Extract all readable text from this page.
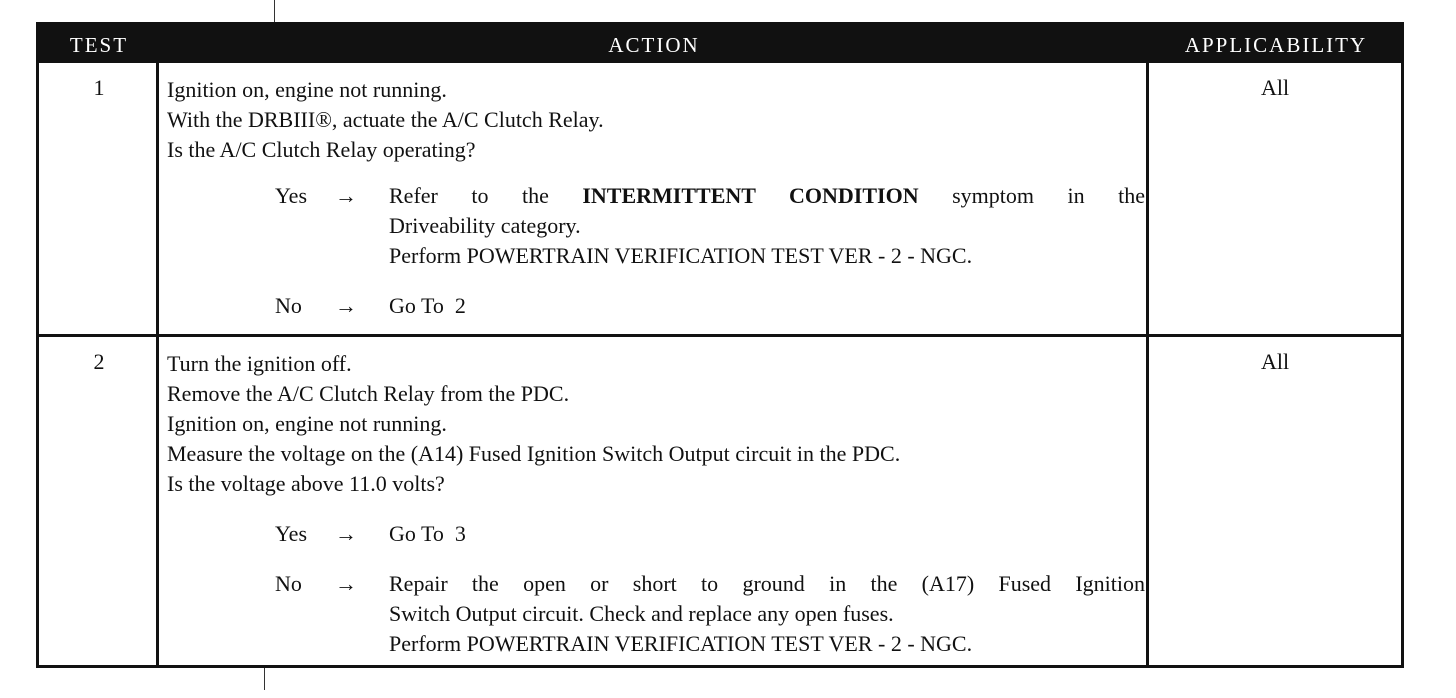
TEST	ACTION	APPLICABILITY
1	Ignition on, engine not running.
With the DRBIII®, actuate the A/C Clutch Relay.
Is the A/C Clutch Relay operating?
Yes	→	Refer to the INTERMITTENT CONDITION symptom in the
Driveability category.
Perform POWERTRAIN VERIFICATION TEST VER - 2 - NGC.
No	→	Go To  2
All
2	Turn the ignition off.
Remove the A/C Clutch Relay from the PDC.
Ignition on, engine not running.
Measure the voltage on the (A14) Fused Ignition Switch Output circuit in the PDC.
Is the voltage above 11.0 volts?
Yes	→	Go To  3
No	→	Repair the open or short to ground in the (A17) Fused Ignition
Switch Output circuit. Check and replace any open fuses.
Perform POWERTRAIN VERIFICATION TEST VER - 2 - NGC.
All
